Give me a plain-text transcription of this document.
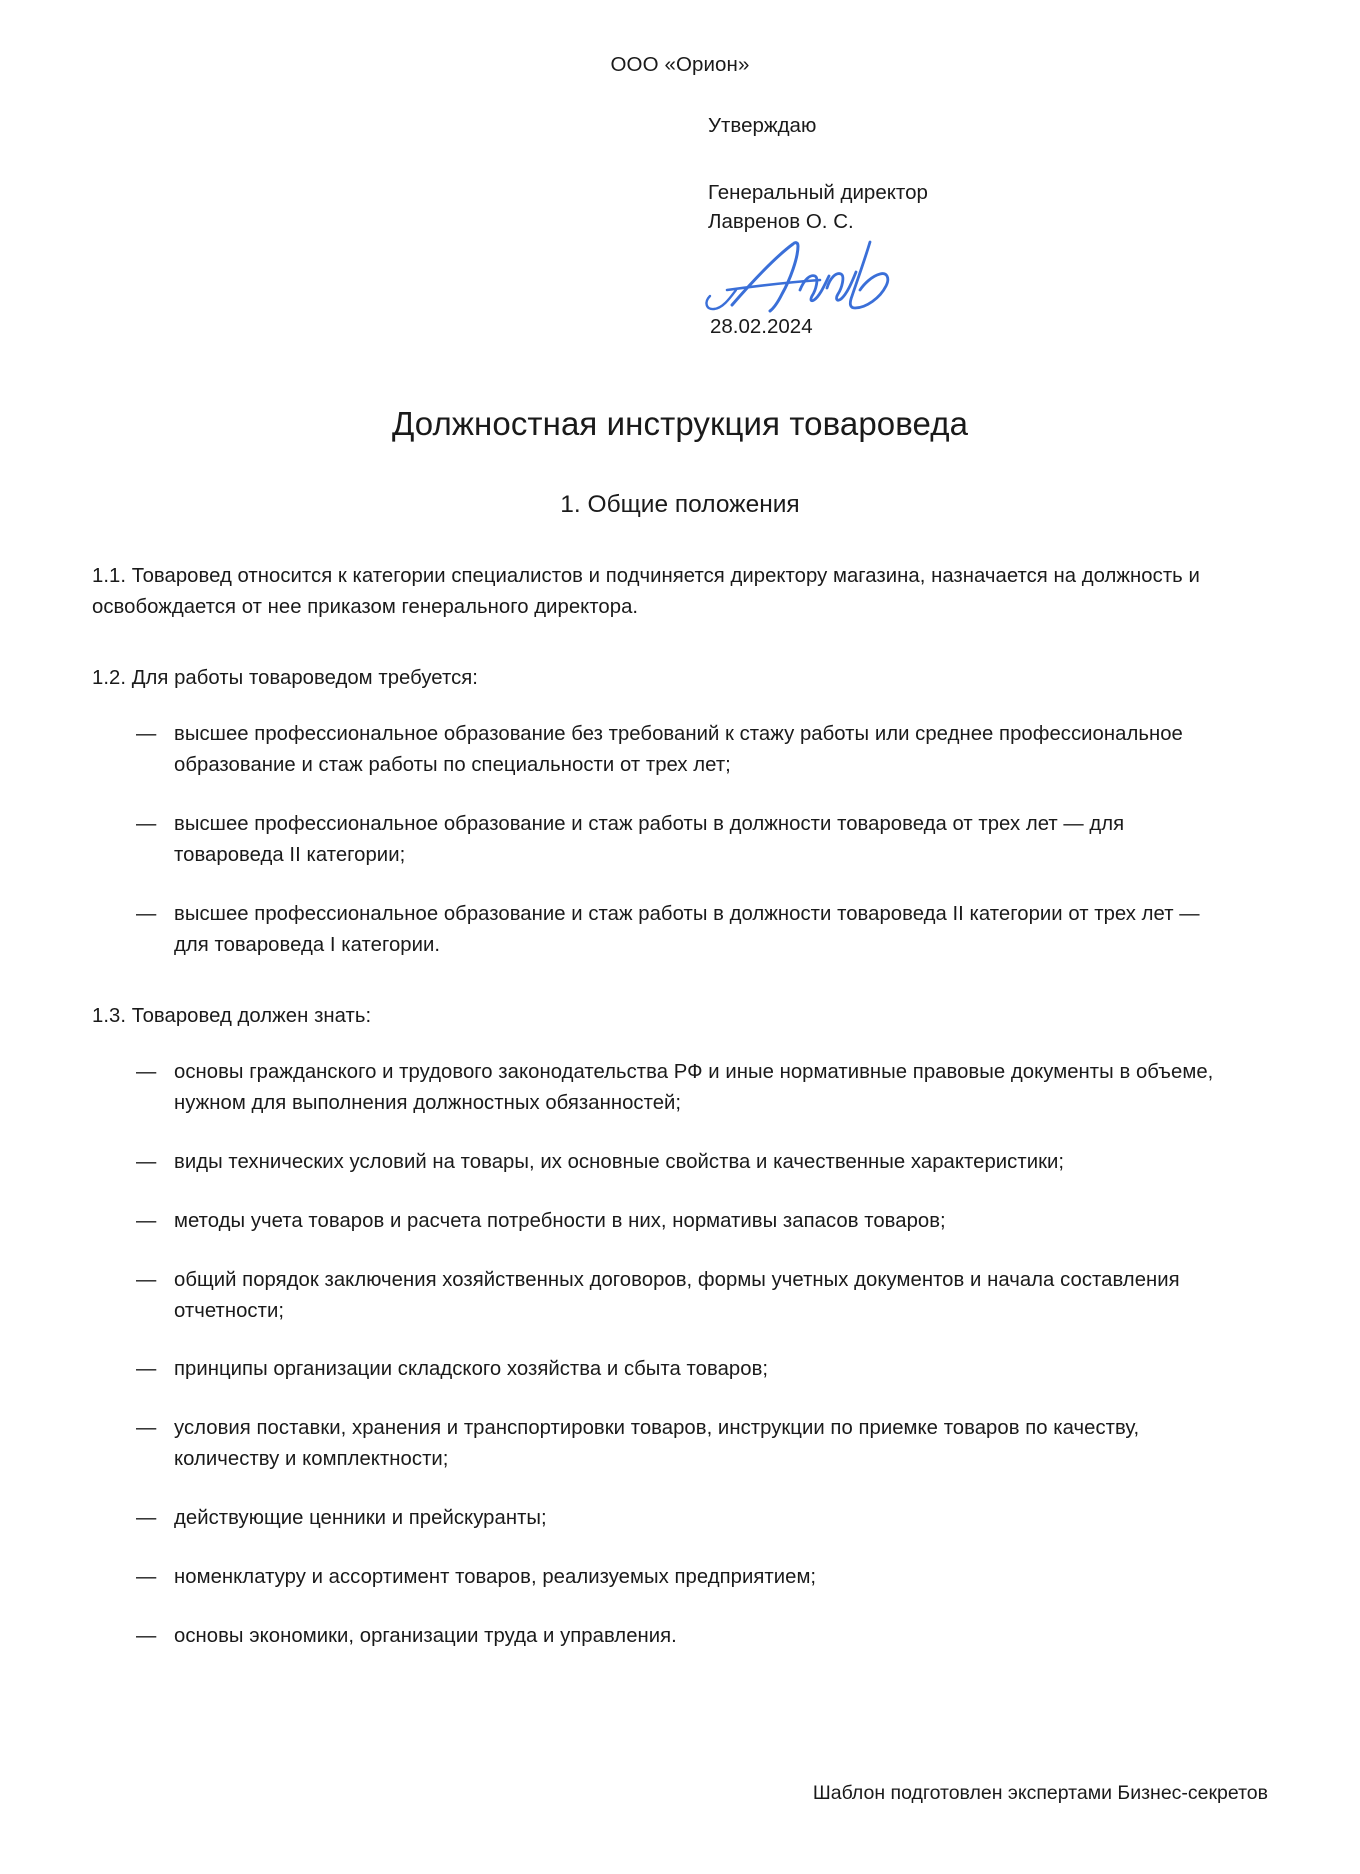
ООО «Орион»

Утверждаю

Генеральный директор

Лавренов О. С.

28.02.2024

Должностная инструкция товароведа
1. Общие положения

1.1. Товаровед относится к категории специалистов и подчиняется директору магазина, назначается на должность и освобождается от нее приказом генерального директора.

1.2. Для работы товароведом требуется:

— высшее профессиональное образование без требований к стажу работы или среднее профессиональное образование и стаж работы по специальности от трех лет;
— высшее профессиональное образование и стаж работы в должности товароведа от трех лет — для товароведа II категории;
— высшее профессиональное образование и стаж работы в должности товароведа II категории от трех лет — для товароведа I категории.

1.3. Товаровед должен знать:

— основы гражданского и трудового законодательства РФ и иные нормативные правовые документы в объеме, нужном для выполнения должностных обязанностей;
— виды технических условий на товары, их основные свойства и качественные характеристики;
— методы учета товаров и расчета потребности в них, нормативы запасов товаров;
— общий порядок заключения хозяйственных договоров, формы учетных документов и начала составления отчетности;
— принципы организации складского хозяйства и сбыта товаров;
— условия поставки, хранения и транспортировки товаров, инструкции по приемке товаров по качеству, количеству и комплектности;
— действующие ценники и прейскуранты;
— номенклатуру и ассортимент товаров, реализуемых предприятием;
— основы экономики, организации труда и управления.
Шаблон подготовлен экспертами Бизнес-секретов
